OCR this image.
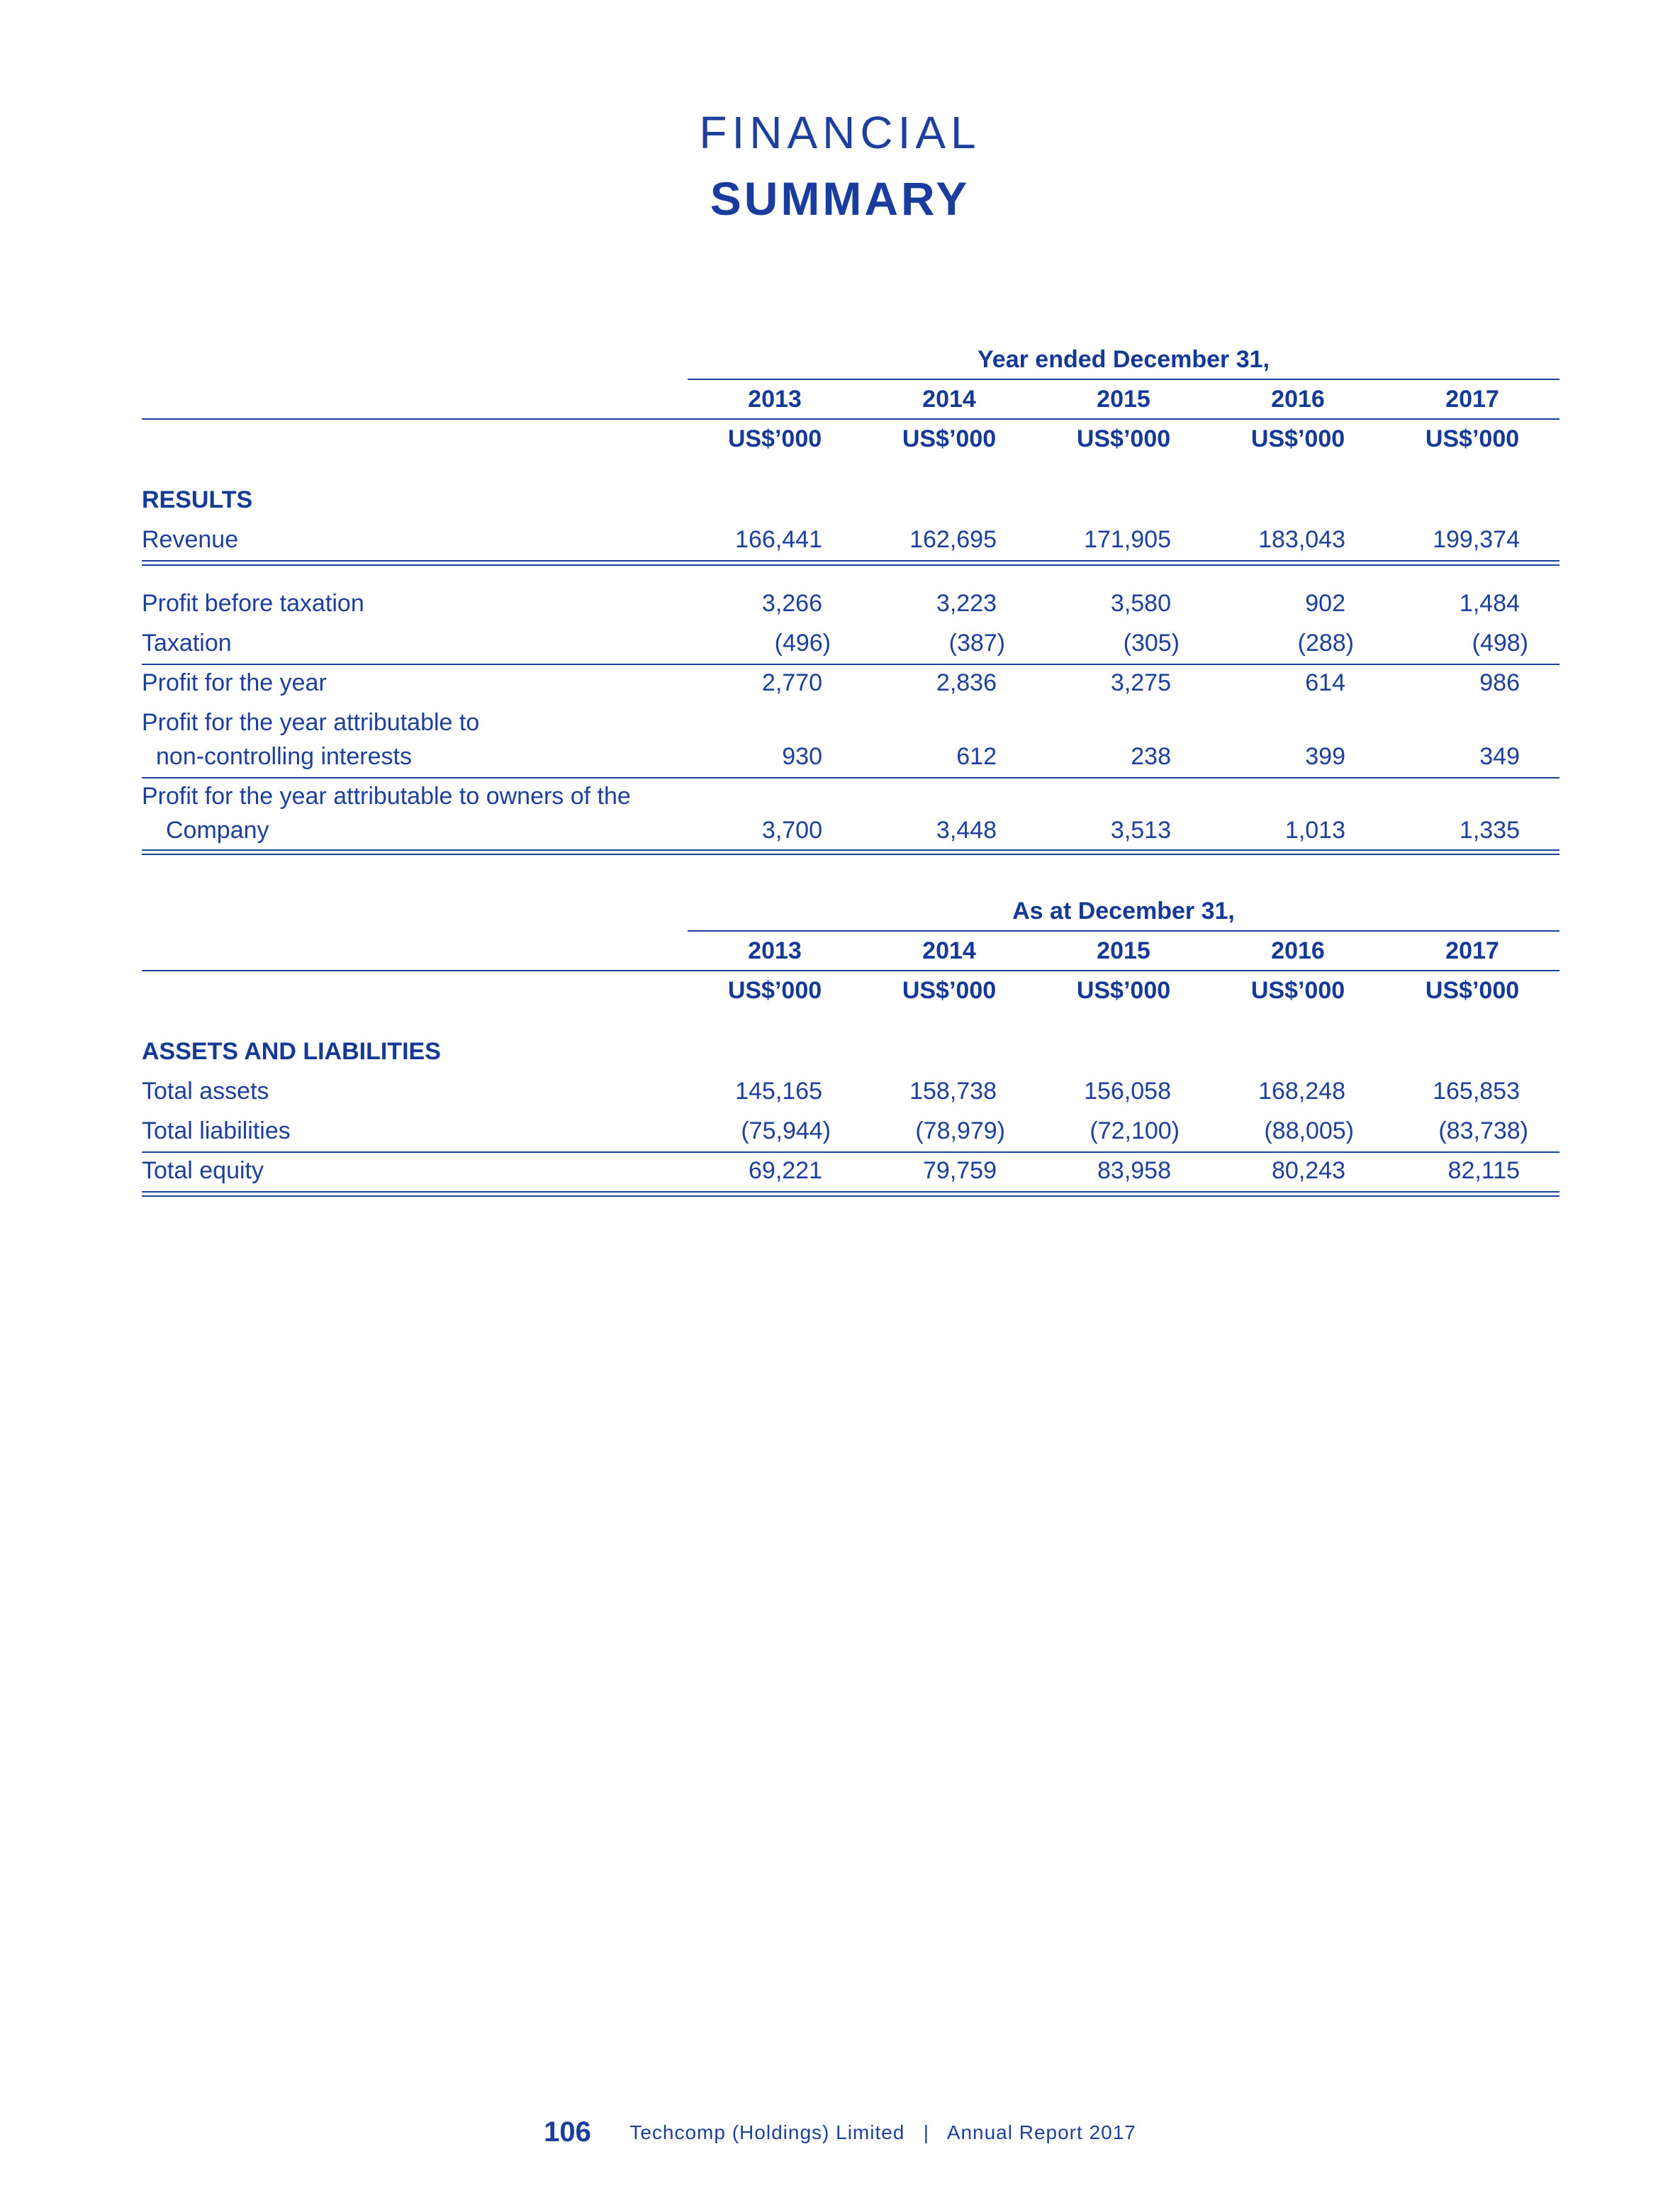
FINANCIAL
SUMMARY
Year ended December 31,
2013	2014	2015	2016	2017
US$’000	US$’000	US$’000	US$’000	US$’000
RESULTS
Revenue	166,441	162,695	171,905	183,043	199,374
Profit before taxation	3,266	3,223	3,580	902	1,484
Taxation	(496)	(387)	(305)	(288)	(498)
Profit for the year	2,770	2,836	3,275	614	986
Profit for the year attributable to
non-controlling interests	930	612	238	399	349
Profit for the year attributable to owners of the
Company	3,700	3,448	3,513	1,013	1,335
As at December 31,
2013	2014	2015	2016	2017
US$’000	US$’000	US$’000	US$’000	US$’000
ASSETS AND LIABILITIES
Total assets	145,165	158,738	156,058	168,248	165,853
Total liabilities	(75,944)	(78,979)	(72,100)	(88,005)	(83,738)
Total equity	69,221	79,759	83,958	80,243	82,115
106 Techcomp (Holdings) Limited   |   Annual Report 2017
